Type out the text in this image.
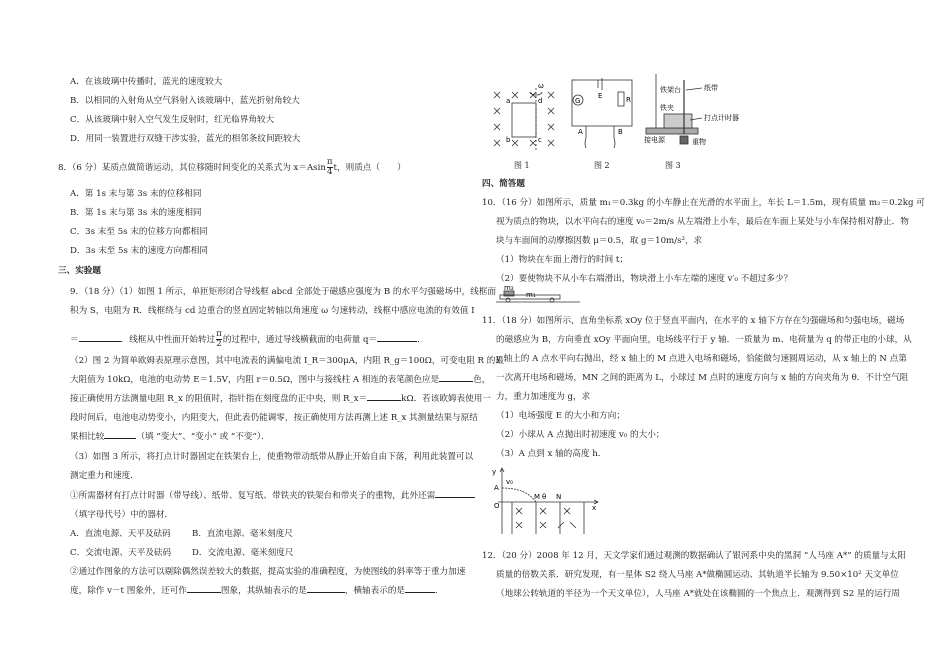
A．在该玻璃中传播时，蓝光的速度较大
B．以相同的入射角从空气斜射入该玻璃中，蓝光折射角较大
C．从该玻璃中射入空气发生反射时，红光临界角较大
D．用同一装置进行双缝干涉实验，蓝光的相邻条纹间距较大
8．（6 分）某质点做简谐运动，其位移随时间变化的关系式为 $x=Asin \frac{\pi}{4}$ t，则质点（　　）
A．第 1s 末与第 3s 末的位移相同
B．第 1s 末与第 3s 末的速度相同
C．3s 末至 5s 末的位移方向都相同
D．3s 末至 5s 末的速度方向都相同
三、实验题
9．（18 分）（1）如图 1 所示，单匝矩形闭合导线框 abcd 全部处于磁感应强度为 B 的水平匀强磁场中，线框面
积为 S，电阻为 R．线框绕与 cd 边重合的竖直固定转轴以角速度 ω 匀速转动，线框中感应电流的有效值 I
＝	．线框从中性面开始转过 $\frac{\pi}{2}$ 的过程中，通过导线横截面的电荷量 q＝	．
（2）图 2 为简单欧姆表原理示意图，其中电流表的满偏电流 I_R＝300μA，内阻 R_g＝100Ω，可变电阻 R 的最
大阻值为 10kΩ，电池的电动势 E＝1.5V，内阻 r＝0.5Ω，图中与接线柱 A 相连的表笔颜色应是	色，
接正确使用方法测量电阻 R_x 的阻值时，指针指在刻度盘的正中央，则 R_x＝	kΩ．若该欧姆表使用一
段时间后，电池电动势变小，内阻变大，但此表仍能调零，按正确使用方法再测上述 R_x 其测量结果与原结
果相比较	（填 “变大”、“变小” 或 “不变”）．
（3）如图 3 所示，将打点计时器固定在铁架台上，使重物带动纸带从静止开始自由下落，利用此装置可以
测定重力和速度．
①所需器材有打点计时器（带导线）、纸带、复写纸、带铁夹的铁架台和带夹子的重物，此外还需
（填字母代号）中的器材．
A．直流电源、天平及砝码 B．直流电源、毫米刻度尺
C．交流电源、天平及砝码 D．交流电源、毫米刻度尺
②通过作图象的方法可以剔除偶然误差较大的数据，提高实验的准确程度，为使图线的斜率等于重力加速
度，除作 v－t 图象外，还可作	图象，其纵轴表示的是	，横轴表示的是	．
ω
a
b	c
d
图 1
G
E	R
A	B
图 2
铁架台	纸带
打点计时器
铁夹
接电源	重物
图 3
四、简答题
10．（16 分）如图所示，质量 m₁＝0.3kg 的小车静止在光滑的水平面上，车长 L＝1.5m，现有质量 m₂＝0.2kg 可
视为质点的物块，以水平向右的速度 v₀＝2m/s 从左端滑上小车，最后在车面上某处与小车保持相对静止．物
块与车面间的动摩擦因数 μ＝0.5，取 g＝10m/s²，求
（1）物块在车面上滑行的时间 t；
（2）要使物块不从小车右端滑出，物块滑上小车左端的速度 v′₀ 不超过多少？
m₂
m₁
11．（18 分）如图所示，直角坐标系 xOy 位于竖直平面内，在水平的 x 轴下方存在匀强磁场和匀强电场，磁场
的磁感应为 B，方向垂直 xOy 平面向里，电场线平行于 y 轴．一质量为 m、电荷量为 q 的带正电的小球，从
y 轴上的 A 点水平向右抛出，经 x 轴上的 M 点进入电场和磁场，恰能做匀速圆周运动，从 x 轴上的 N 点第
一次离开电场和磁场，MN 之间的距离为 L，小球过 M 点时的速度方向与 x 轴的方向夹角为 θ．不计空气阻
力，重力加速度为 g，求
（1）电场强度 E 的大小和方向；
（2）小球从 A 点抛出时初速度 v₀ 的大小；
（3）A 点到 x 轴的高度 h．
y
A
v₀
O
M θ N
x
12．（20 分）2008 年 12 月，天文学家们通过观测的数据确认了银河系中央的黑洞 “人马座 A*” 的质量与太阳
质量的倍数关系．研究发现，有一星体 S2 绕人马座 A*做椭圆运动、其轨道半长轴为 9.50×10² 天文单位
（地球公转轨道的半径为一个天文单位），人马座 A*就处在该椭圆的一个焦点上．观测得到 S2 星的运行周
